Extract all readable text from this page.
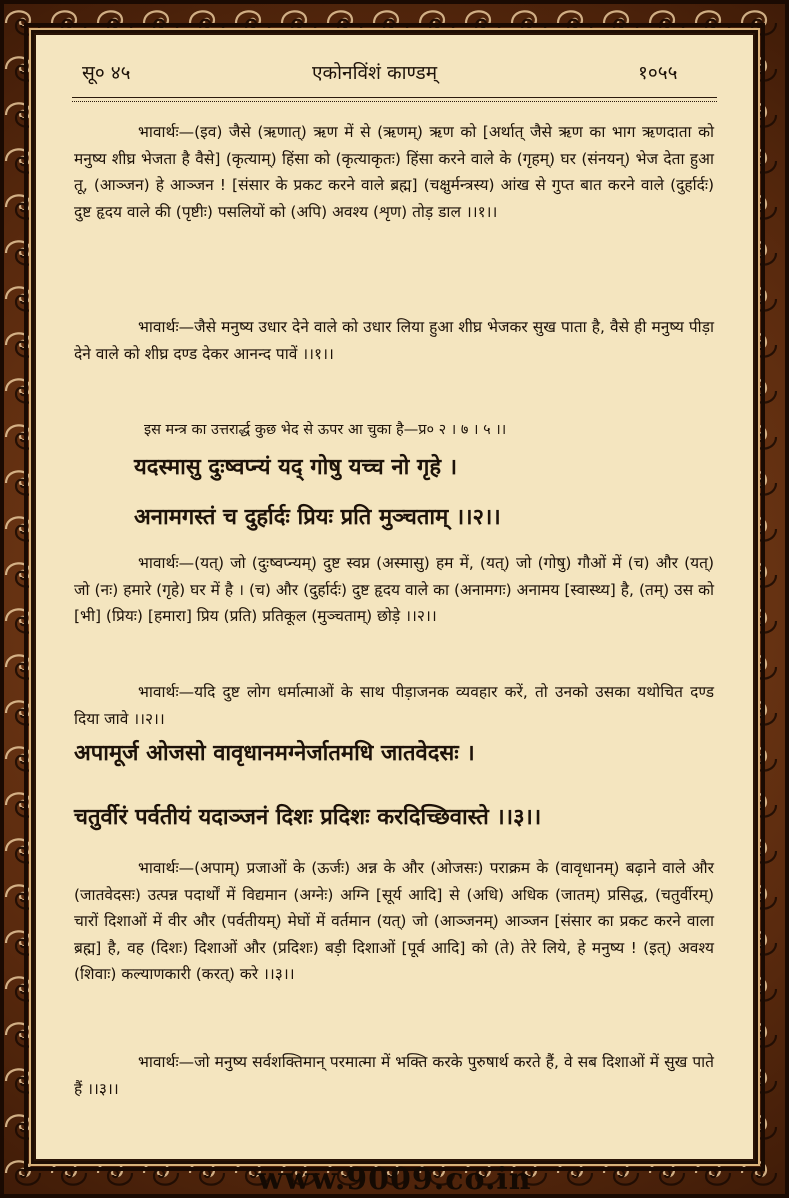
सू० ४५	एकोनविंशं काण्डम्	१०५५
भावार्थः—(इव) जैसे (ऋणात्) ऋण में से (ऋणम्) ऋण को [अर्थात् जैसे ऋण का भाग ऋणदाता को मनुष्य शीघ्र भेजता है वैसे] (कृत्याम्) हिंसा को (कृत्याकृतः) हिंसा करने वाले के (गृहम्) घर (संनयन्) भेज देता हुआ तू, (आञ्जन) हे आञ्जन ! [संसार के प्रकट करने वाले ब्रह्म] (चक्षुर्मन्त्रस्य) आंख से गुप्त बात करने वाले (दुर्हार्दः) दुष्ट हृदय वाले की (पृष्टीः) पसलियों को (अपि) अवश्य (शृण) तोड़ डाल ।।१।।
भावार्थः—जैसे मनुष्य उधार देने वाले को उधार लिया हुआ शीघ्र भेजकर सुख पाता है, वैसे ही मनुष्य पीड़ा देने वाले को शीघ्र दण्ड देकर आनन्द पावें ।।१।।
इस मन्त्र का उत्तरार्द्ध कुछ भेद से ऊपर आ चुका है—प्र० २ । ७ । ५ ।।
यदस्मासु दुःष्वप्न्यं यद् गोषु यच्च नो गृहे ।
अनामगस्तं च दुर्हार्दः प्रियः प्रति मुञ्चताम् ।।२।।
भावार्थः—(यत्) जो (दुःष्वप्न्यम्) दुष्ट स्वप्न (अस्मासु) हम में, (यत्) जो (गोषु) गौओं में (च) और (यत्) जो (नः) हमारे (गृहे) घर में है । (च) और (दुर्हार्दः) दुष्ट हृदय वाले का (अनामगः) अनामय [स्वास्थ्य] है, (तम्) उस को [भी] (प्रियः) [हमारा] प्रिय (प्रति) प्रतिकूल (मुञ्चताम्) छोड़े ।।२।।
भावार्थः—यदि दुष्ट लोग धर्मात्माओं के साथ पीड़ाजनक व्यवहार करें, तो उनको उसका यथोचित दण्ड दिया जावे ।।२।।
अपामूर्ज ओजसो वावृधानमग्नेर्जातमधि जातवेदसः ।
चतुर्वीरं पर्वतीयं यदाञ्जनं दिशः प्रदिशः करदिच्छिवास्ते ।।३।।
भावार्थः—(अपाम्) प्रजाओं के (ऊर्जः) अन्न के और (ओजसः) पराक्रम के (वावृधानम्) बढ़ाने वाले और (जातवेदसः) उत्पन्न पदार्थों में विद्यमान (अग्नेः) अग्नि [सूर्य आदि] से (अधि) अधिक (जातम्) प्रसिद्ध, (चतुर्वीरम्) चारों दिशाओं में वीर और (पर्वतीयम्) मेघों में वर्तमान (यत्) जो (आञ्जनम्) आञ्जन [संसार का प्रकट करने वाला ब्रह्म] है, वह (दिशः) दिशाओं और (प्रदिशः) बड़ी दिशाओं [पूर्व आदि] को (ते) तेरे लिये, हे मनुष्य ! (इत्) अवश्य (शिवाः) कल्याणकारी (करत्) करे ।।३।।
भावार्थः—जो मनुष्य सर्वशक्तिमान् परमात्मा में भक्ति करके पुरुषार्थ करते हैं, वे सब दिशाओं में सुख पाते हैं ।।३।।
www.9009.co.in
